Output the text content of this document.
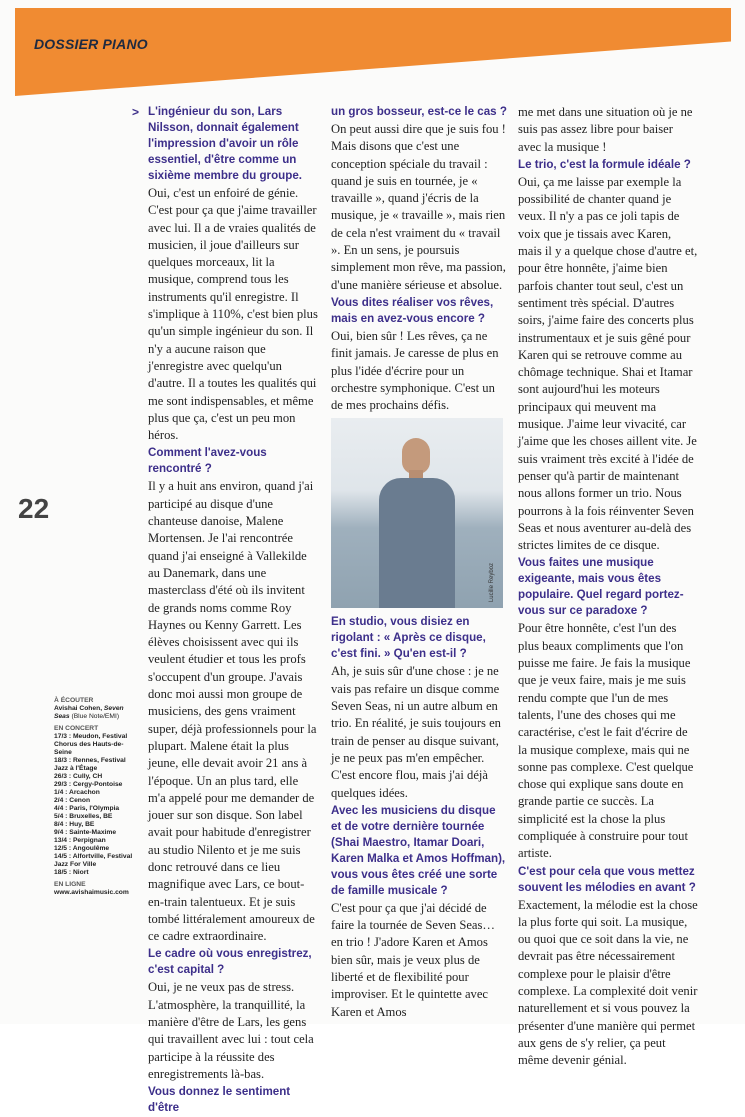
DOSSIER PIANO
>
22
L'ingénieur du son, Lars Nilsson, donnait également l'impression d'avoir un rôle essentiel, d'être comme un sixième membre du groupe.
Oui, c'est un enfoiré de génie. C'est pour ça que j'aime travailler avec lui. Il a de vraies qualités de musicien, il joue d'ailleurs sur quelques morceaux, lit la musique, comprend tous les instruments qu'il enregistre. Il s'implique à 110%, c'est bien plus qu'un simple ingénieur du son. Il n'y a aucune raison que j'enregistre avec quelqu'un d'autre. Il a toutes les qualités qui me sont indispensables, et même plus que ça, c'est un peu mon héros.
Comment l'avez-vous rencontré ?
Il y a huit ans environ, quand j'ai participé au disque d'une chanteuse danoise, Malene Mortensen. Je l'ai rencontrée quand j'ai enseigné à Vallekilde au Danemark, dans une masterclass d'été où ils invitent de grands noms comme Roy Haynes ou Kenny Garrett. Les élèves choisissent avec qui ils veulent étudier et tous les profs s'occupent d'un groupe. J'avais donc moi aussi mon groupe de musiciens, des gens vraiment super, déjà professionnels pour la plupart. Malene était la plus jeune, elle devait avoir 21 ans à l'époque. Un an plus tard, elle m'a appelé pour me demander de jouer sur son disque. Son label avait pour habitude d'enregistrer au studio Nilento et je me suis donc retrouvé dans ce lieu magnifique avec Lars, ce bout-en-train talentueux. Et je suis tombé littéralement amoureux de ce cadre extraordinaire.
Le cadre où vous enregistrez, c'est capital ?
Oui, je ne veux pas de stress. L'atmosphère, la tranquillité, la manière d'être de Lars, les gens qui travaillent avec lui : tout cela participe à la réussite des enregistrements là-bas.
Vous donnez le sentiment d'être
un gros bosseur, est-ce le cas ?
On peut aussi dire que je suis fou ! Mais disons que c'est une conception spéciale du travail : quand je suis en tournée, je « travaille », quand j'écris de la musique, je « travaille », mais rien de cela n'est vraiment du « travail ». En un sens, je poursuis simplement mon rêve, ma passion, d'une manière sérieuse et absolue.
Vous dites réaliser vos rêves, mais en avez-vous encore ?
Oui, bien sûr ! Les rêves, ça ne finit jamais. Je caresse de plus en plus l'idée d'écrire pour un orchestre symphonique. C'est un de mes prochains défis.
Lucille Reyboz
En studio, vous disiez en rigolant : « Après ce disque, c'est fini. » Qu'en est-il ?
Ah, je suis sûr d'une chose : je ne vais pas refaire un disque comme Seven Seas, ni un autre album en trio. En réalité, je suis toujours en train de penser au disque suivant, je ne peux pas m'en empêcher. C'est encore flou, mais j'ai déjà quelques idées.
Avec les musiciens du disque et de votre dernière tournée (Shai Maestro, Itamar Doari, Karen Malka et Amos Hoffman), vous vous êtes créé une sorte de famille musicale ?
C'est pour ça que j'ai décidé de faire la tournée de Seven Seas… en trio ! J'adore Karen et Amos bien sûr, mais je veux plus de liberté et de flexibilité pour improviser. Et le quintette avec Karen et Amos
me met dans une situation où je ne suis pas assez libre pour baiser avec la musique !
Le trio, c'est la formule idéale ?
Oui, ça me laisse par exemple la possibilité de chanter quand je veux. Il n'y a pas ce joli tapis de voix que je tissais avec Karen, mais il y a quelque chose d'autre et, pour être honnête, j'aime bien parfois chanter tout seul, c'est un sentiment très spécial. D'autres soirs, j'aime faire des concerts plus instrumentaux et je suis gêné pour Karen qui se retrouve comme au chômage technique. Shai et Itamar sont aujourd'hui les moteurs principaux qui meuvent ma musique. J'aime leur vivacité, car j'aime que les choses aillent vite. Je suis vraiment très excité à l'idée de penser qu'à partir de maintenant nous allons former un trio. Nous pourrons à la fois réinventer Seven Seas et nous aventurer au-delà des strictes limites de ce disque.
Vous faites une musique exigeante, mais vous êtes populaire. Quel regard portez-vous sur ce paradoxe ?
Pour être honnête, c'est l'un des plus beaux compliments que l'on puisse me faire. Je fais la musique que je veux faire, mais je me suis rendu compte que l'un de mes talents, l'une des choses qui me caractérise, c'est le fait d'écrire de la musique complexe, mais qui ne sonne pas complexe. C'est quelque chose qui explique sans doute en grande partie ce succès. La simplicité est la chose la plus compliquée à construire pour tout artiste.
C'est pour cela que vous mettez souvent les mélodies en avant ?
Exactement, la mélodie est la chose la plus forte qui soit. La musique, ou quoi que ce soit dans la vie, ne devrait pas être nécessairement complexe pour le plaisir d'être complexe. La complexité doit venir naturellement et si vous pouvez la présenter d'une manière qui permet aux gens de s'y relier, ça peut même devenir génial.
À ÉCOUTER
Avishai Cohen, Seven Seas (Blue Note/EMI)
EN CONCERT
17/3 : Meudon, Festival Chorus des Hauts-de-Seine
18/3 : Rennes, Festival Jazz à l'Étage
26/3 : Cully, CH
29/3 : Cergy-Pontoise
1/4 : Arcachon
2/4 : Cenon
4/4 : Paris, l'Olympia
5/4 : Bruxelles, BE
8/4 : Huy, BE
9/4 : Sainte-Maxime
13/4 : Perpignan
12/5 : Angoulême
14/5 : Alfortville, Festival Jazz For Ville
18/5 : Niort
EN LIGNE
www.avishaimusic.com
